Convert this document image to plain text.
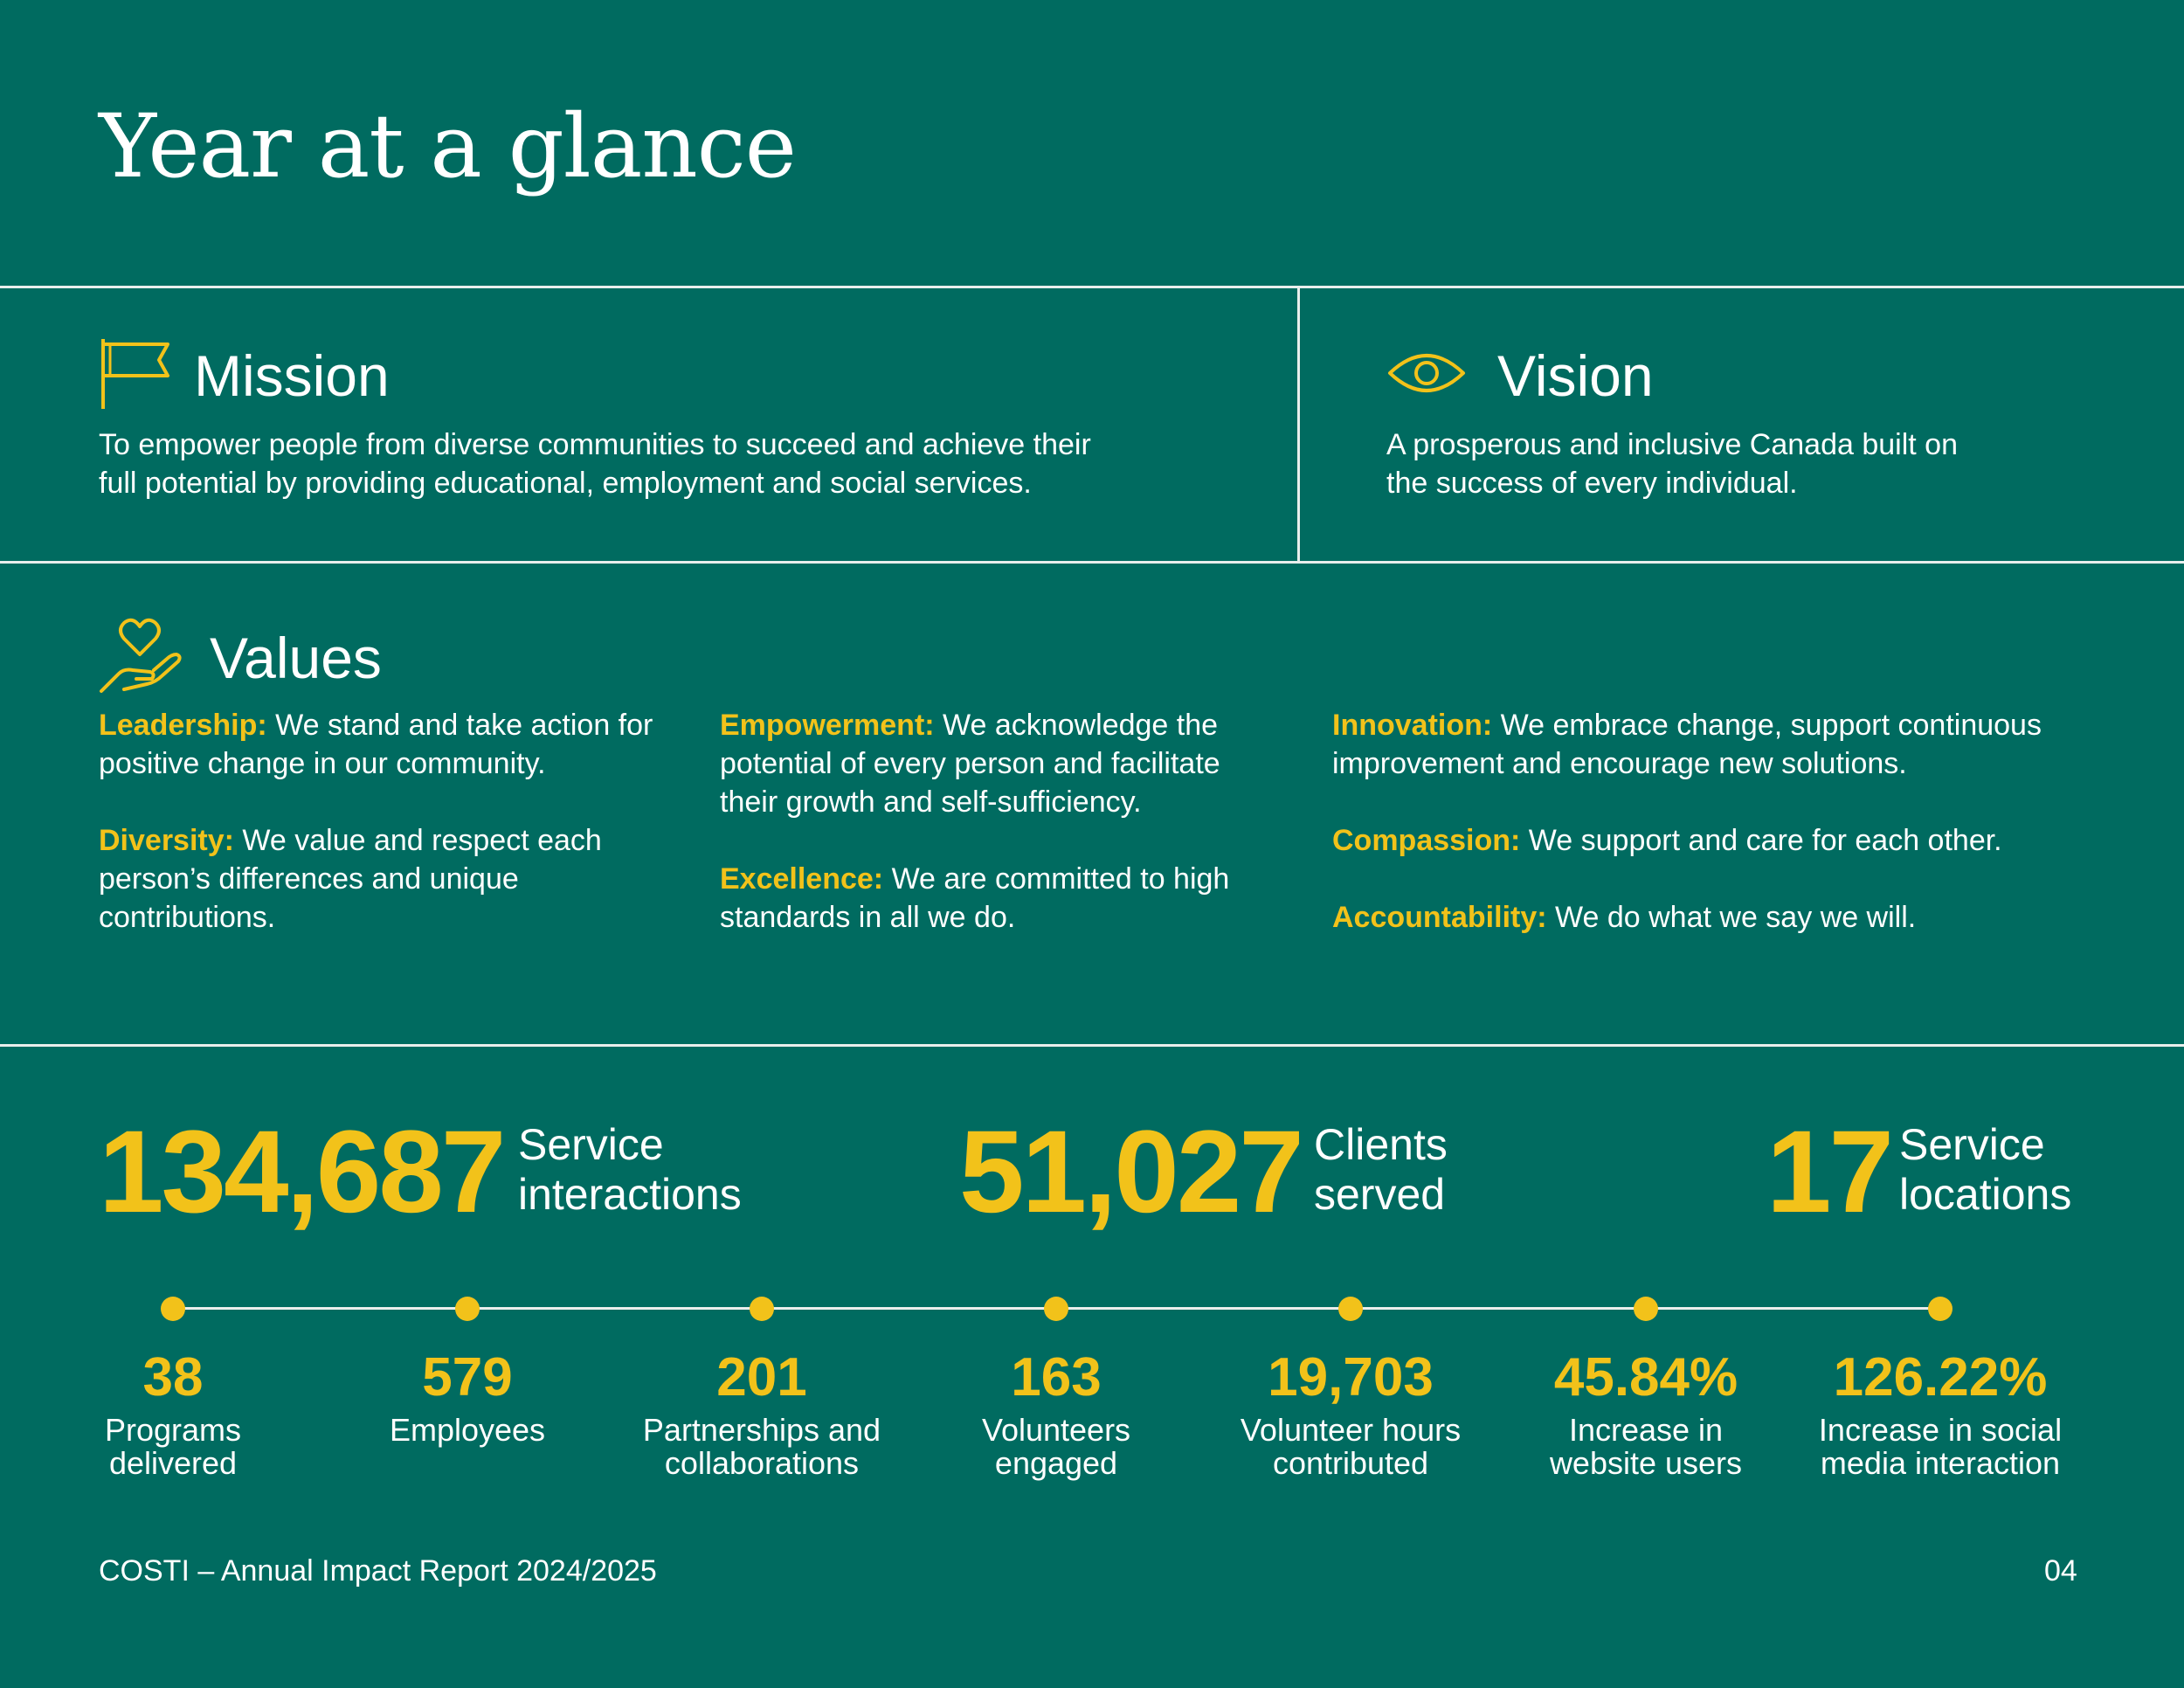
Year at a glance
Mission

To empower people from diverse communities to succeed and achieve their

full potential by providing educational, employment and social services.

Vision

A prosperous and inclusive Canada built on

the success of every individual.

Values

Leadership: We stand and take action for positive change in our community.

Diversity: We value and respect each person’s differences and unique contributions.

Empowerment: We acknowledge the potential of every person and facilitate their growth and self-sufficiency.

Excellence: We are committed to high standards in all we do.

Innovation: We embrace change, support continuous improvement and encourage new solutions.

Compassion: We support and care for each other.

Accountability: We do what we say we will.

134,687 Service
interactions 51,027 Clients
served	17 Service
locations
38
Programs
delivered
579
Employees
201
Partnerships and
collaborations
163
Volunteers
engaged
19,703
Volunteer hours
contributed
45.84%
Increase in
website users
126.22%
Increase in social
media interaction
COSTI – Annual Impact Report 2024/2025	04
